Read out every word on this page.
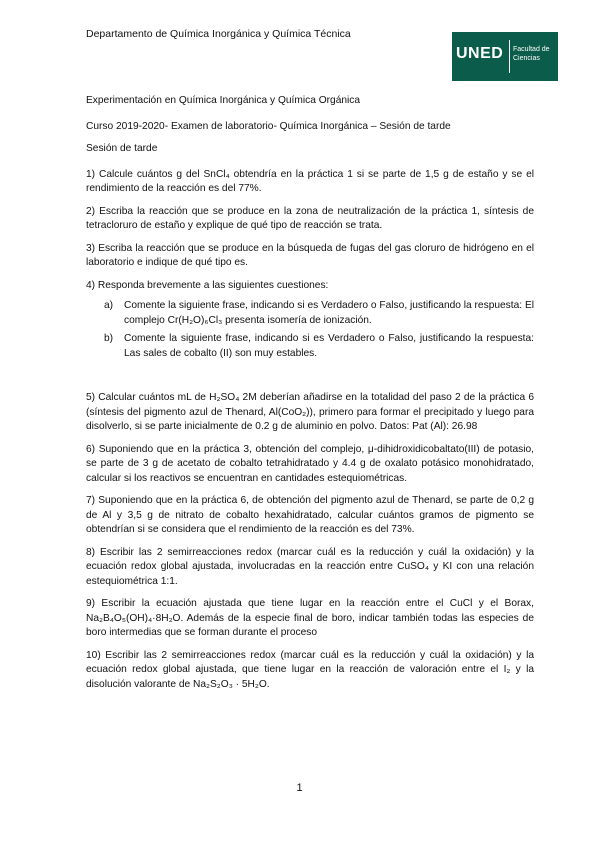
Departamento de Química Inorgánica y Química Técnica
UNED Facultad de Ciencias

Experimentación en Química Inorgánica y Química Orgánica

Curso 2019-2020- Examen de laboratorio- Química Inorgánica – Sesión de tarde

Sesión de tarde

1) Calcule cuántos g del SnCl₄ obtendría en la práctica 1 si se parte de 1,5 g de estaño y se el rendimiento de la reacción es del 77%.

2) Escriba la reacción que se produce en la zona de neutralización de la práctica 1, síntesis de tetracloruro de estaño y explique de qué tipo de reacción se trata.

3) Escriba la reacción que se produce en la búsqueda de fugas del gas cloruro de hidrógeno en el laboratorio e indique de qué tipo es.

4) Responda brevemente a las siguientes cuestiones:

a)	Comente la siguiente frase, indicando si es Verdadero o Falso, justificando la respuesta: El complejo Cr(H₂O)₆Cl₃ presenta isomería de ionización.
b)	Comente la siguiente frase, indicando si es Verdadero o Falso, justificando la respuesta: Las sales de cobalto (II) son muy estables.

5) Calcular cuántos mL de H₂SO₄ 2M deberían añadirse en la totalidad del paso 2 de la práctica 6 (síntesis del pigmento azul de Thenard, Al(CoO₂)), primero para formar el precipitado y luego para disolverlo, si se parte inicialmente de 0.2 g de aluminio en polvo. Datos: Pat (Al): 26.98

6) Suponiendo que en la práctica 3, obtención del complejo, μ-dihidroxidicobaltato(III) de potasio, se parte de 3 g de acetato de cobalto tetrahidratado y 4.4 g de oxalato potásico monohidratado, calcular si los reactivos se encuentran en cantidades estequiométricas.

7) Suponiendo que en la práctica 6, de obtención del pigmento azul de Thenard, se parte de 0,2 g de Al y 3,5 g de nitrato de cobalto hexahidratado, calcular cuántos gramos de pigmento se obtendrían si se considera que el rendimiento de la reacción es del 73%.

8) Escribir las 2 semirreacciones redox (marcar cuál es la reducción y cuál la oxidación) y la ecuación redox global ajustada, involucradas en la reacción entre CuSO₄ y KI con una relación estequiométrica 1:1.

9) Escribir la ecuación ajustada que tiene lugar en la reacción entre el CuCl y el Borax, Na₂B₄O₅(OH)₄·8H₂O. Además de la especie final de boro, indicar también todas las especies de boro intermedias que se forman durante el proceso

10) Escribir las 2 semirreacciones redox (marcar cuál es la reducción y cuál la oxidación) y la ecuación redox global ajustada, que tiene lugar en la reacción de valoración entre el I₂ y la disolución valorante de Na₂S₂O₃ · 5H₂O.

1
